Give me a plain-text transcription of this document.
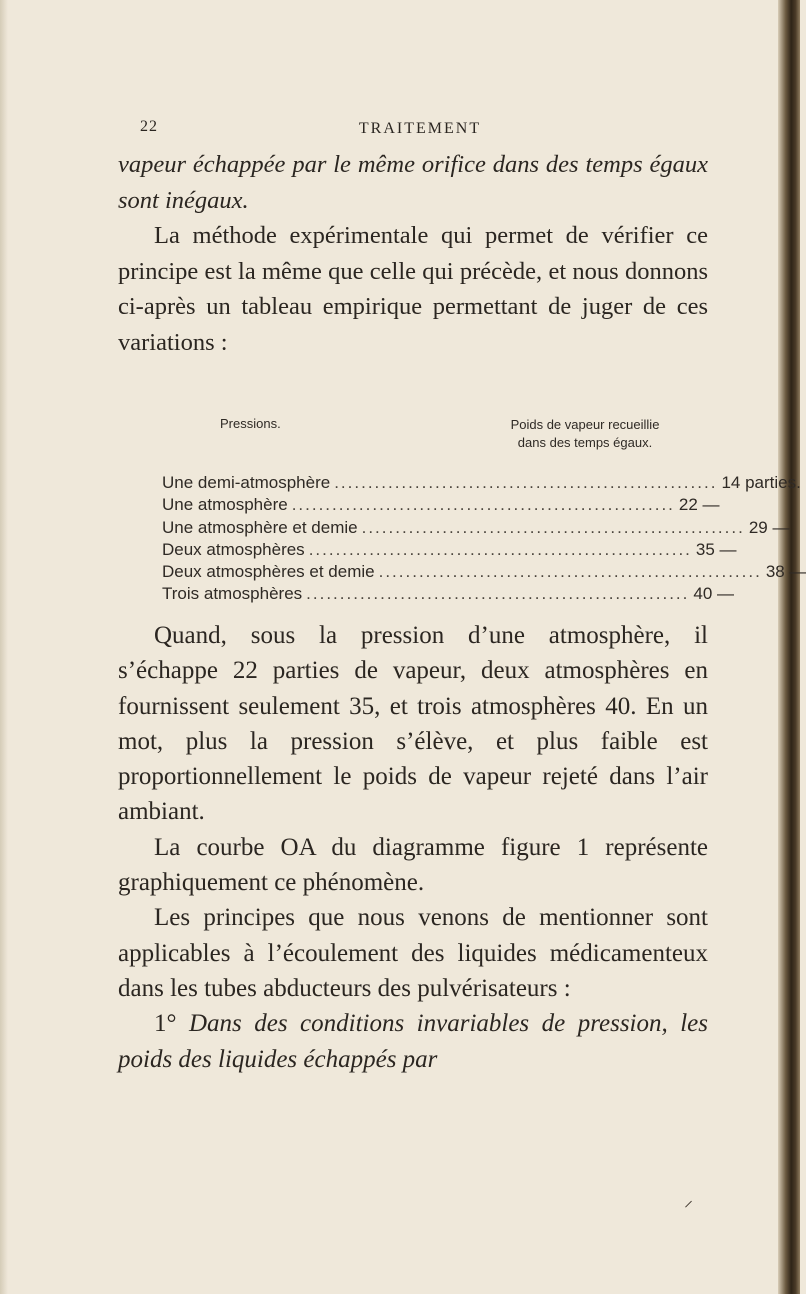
22	TRAITEMENT
vapeur échappée par le même orifice dans des temps égaux sont inégaux.
La méthode expérimentale qui permet de vérifier ce principe est la même que celle qui précède, et nous donnons ci-après un tableau empirique permettant de juger de ces variations :
Pressions.	Poids de vapeur recueillie
dans des temps égaux.
Une demi-atmosphère ......................................................... 14 parties.
Une atmosphère ......................................................... 22 —
Une atmosphère et demie ......................................................... 29 —
Deux atmosphères ......................................................... 35 —
Deux atmosphères et demie ......................................................... 38 —
Trois atmosphères ......................................................... 40 —

Quand, sous la pression d’une atmosphère, il s’échappe 22 parties de vapeur, deux atmosphères en fournissent seulement 35, et trois atmosphères 40. En un mot, plus la pression s’élève, et plus faible est proportionnellement le poids de vapeur rejeté dans l’air ambiant.

La courbe OA du diagramme figure 1 représente graphiquement ce phénomène.

Les principes que nous venons de mentionner sont applicables à l’écoulement des liquides médicamenteux dans les tubes abducteurs des pulvérisateurs :

1° Dans des conditions invariables de pression, les poids des liquides échappés par

⸝
